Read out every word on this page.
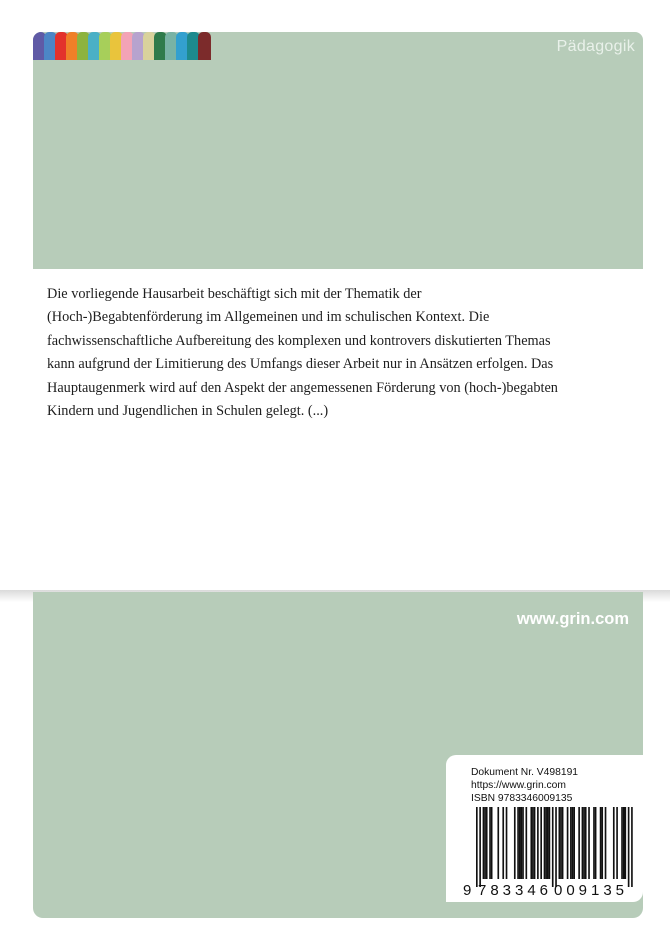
Pädagogik
Die vorliegende Hausarbeit beschäftigt sich mit der Thematik der
(Hoch-)Begabtenförderung im Allgemeinen und im schulischen Kontext. Die
fachwissenschaftliche Aufbereitung des komplexen und kontrovers diskutierten Themas
kann aufgrund der Limitierung des Umfangs dieser Arbeit nur in Ansätzen erfolgen. Das
Hauptaugenmerk wird auf den Aspekt der angemessenen Förderung von (hoch-)begabten
Kindern und Jugendlichen in Schulen gelegt. (...)
www.grin.com
Dokument Nr. V498191
https://www.grin.com
ISBN 9783346009135
9 783346 009135
